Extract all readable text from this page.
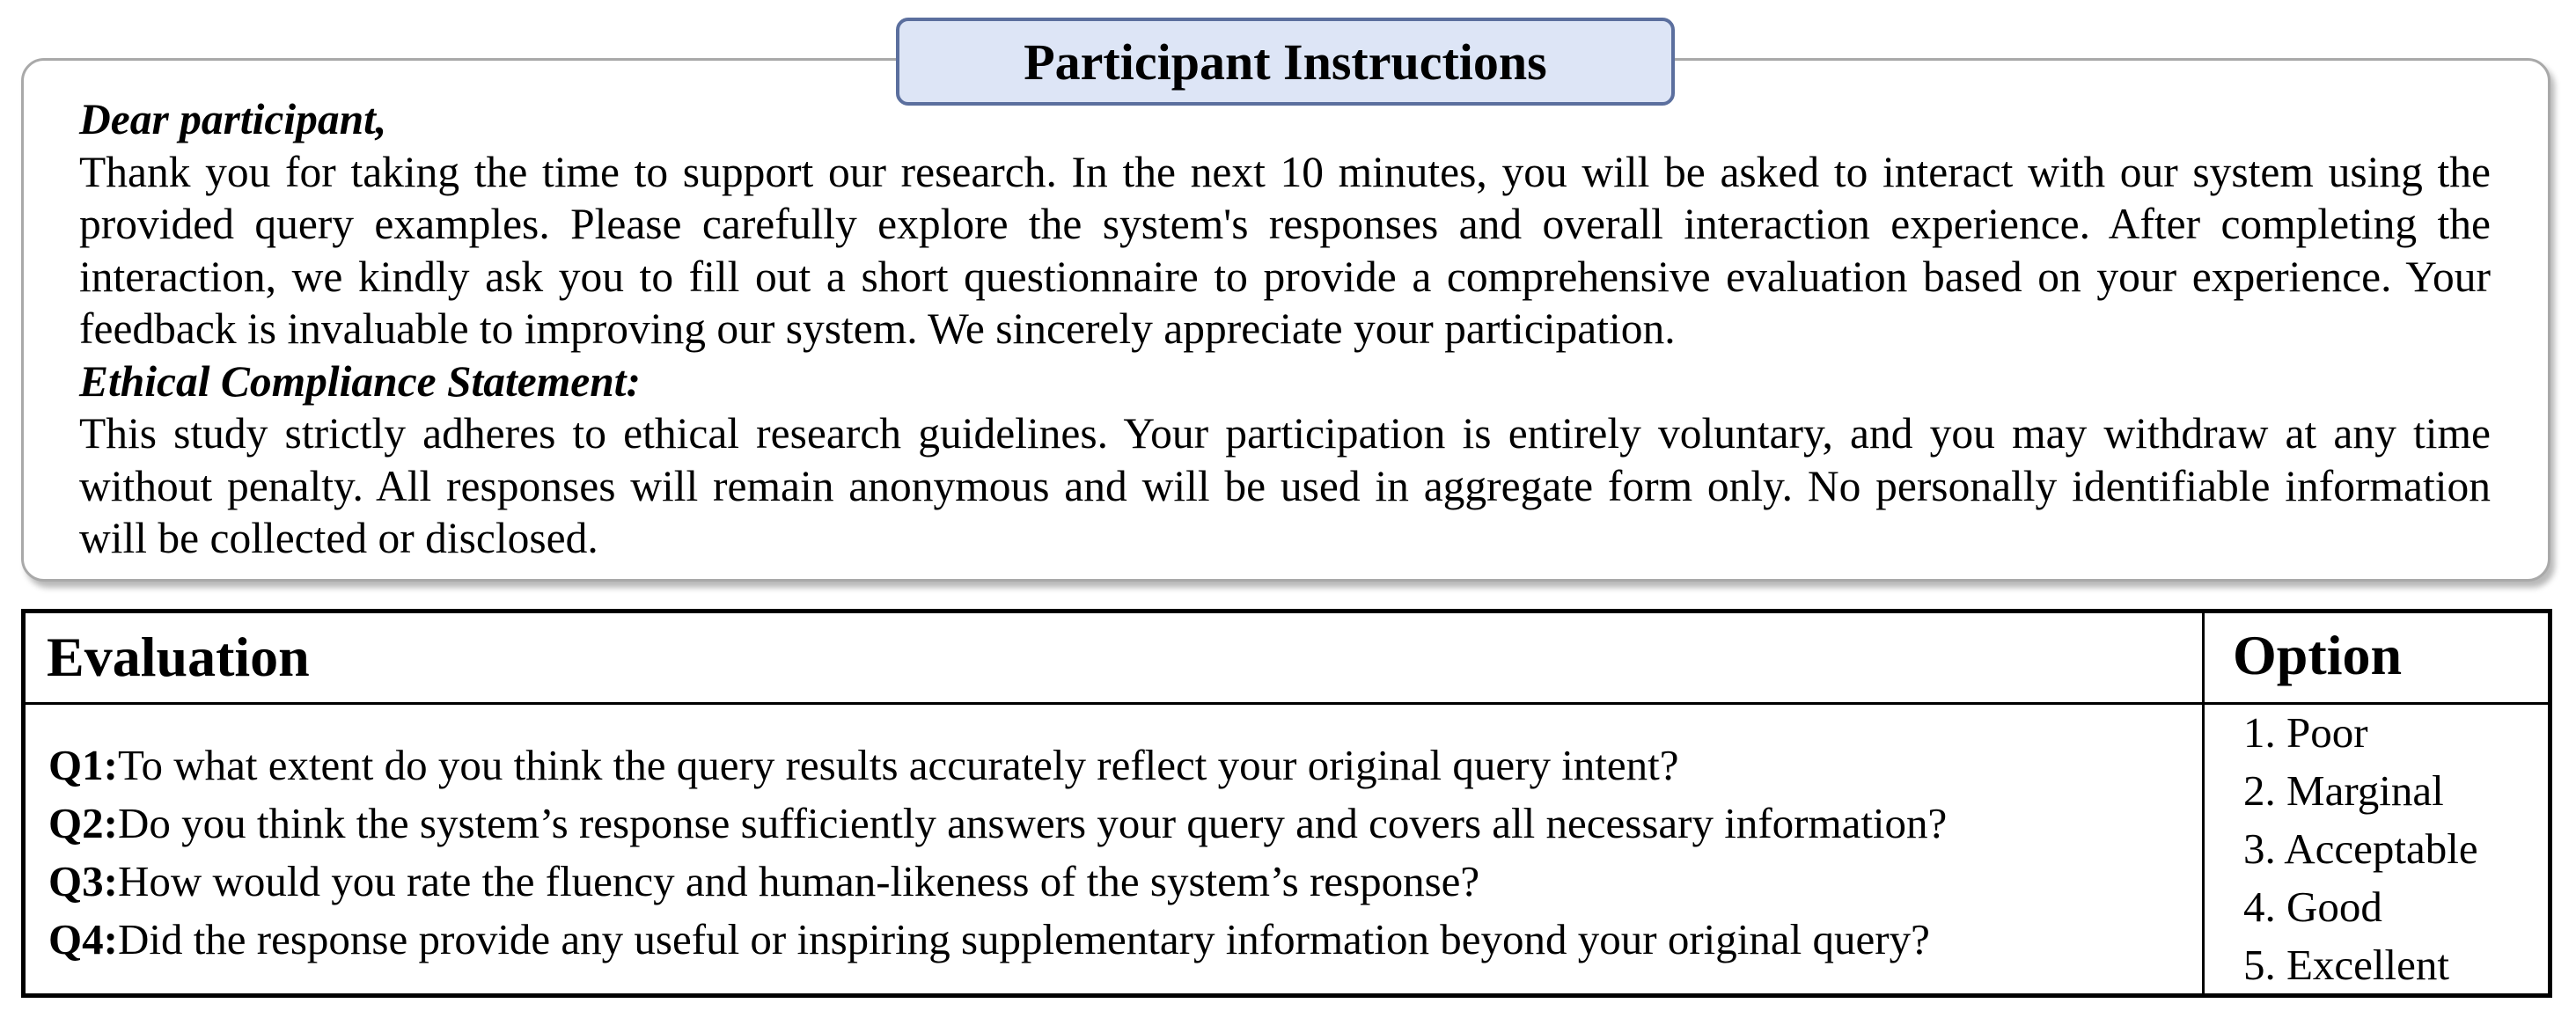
Participant Instructions
Dear participant,
Thank you for taking the time to support our research. In the next 10 minutes, you will be asked to interact with our system using the provided query examples. Please carefully explore the system's responses and overall interaction experience. After completing the interaction, we kindly ask you to fill out a short questionnaire to provide a comprehensive evaluation based on your experience. Your feedback is invaluable to improving our system. We sincerely appreciate your participation.
Ethical Compliance Statement:
This study strictly adheres to ethical research guidelines. Your participation is entirely voluntary, and you may withdraw at any time without penalty. All responses will remain anonymous and will be used in aggregate form only. No personally identifiable information will be collected or disclosed.
Evaluation	Option
Q1:To what extent do you think the query results accurately reflect your original query intent?
Q2:Do you think the system’s response sufficiently answers your query and covers all necessary information?
Q3:How would you rate the fluency and human-likeness of the system’s response?
Q4:Did the response provide any useful or inspiring supplementary information beyond your original query?
1. Poor
2. Marginal
3. Acceptable
4. Good
5. Excellent
